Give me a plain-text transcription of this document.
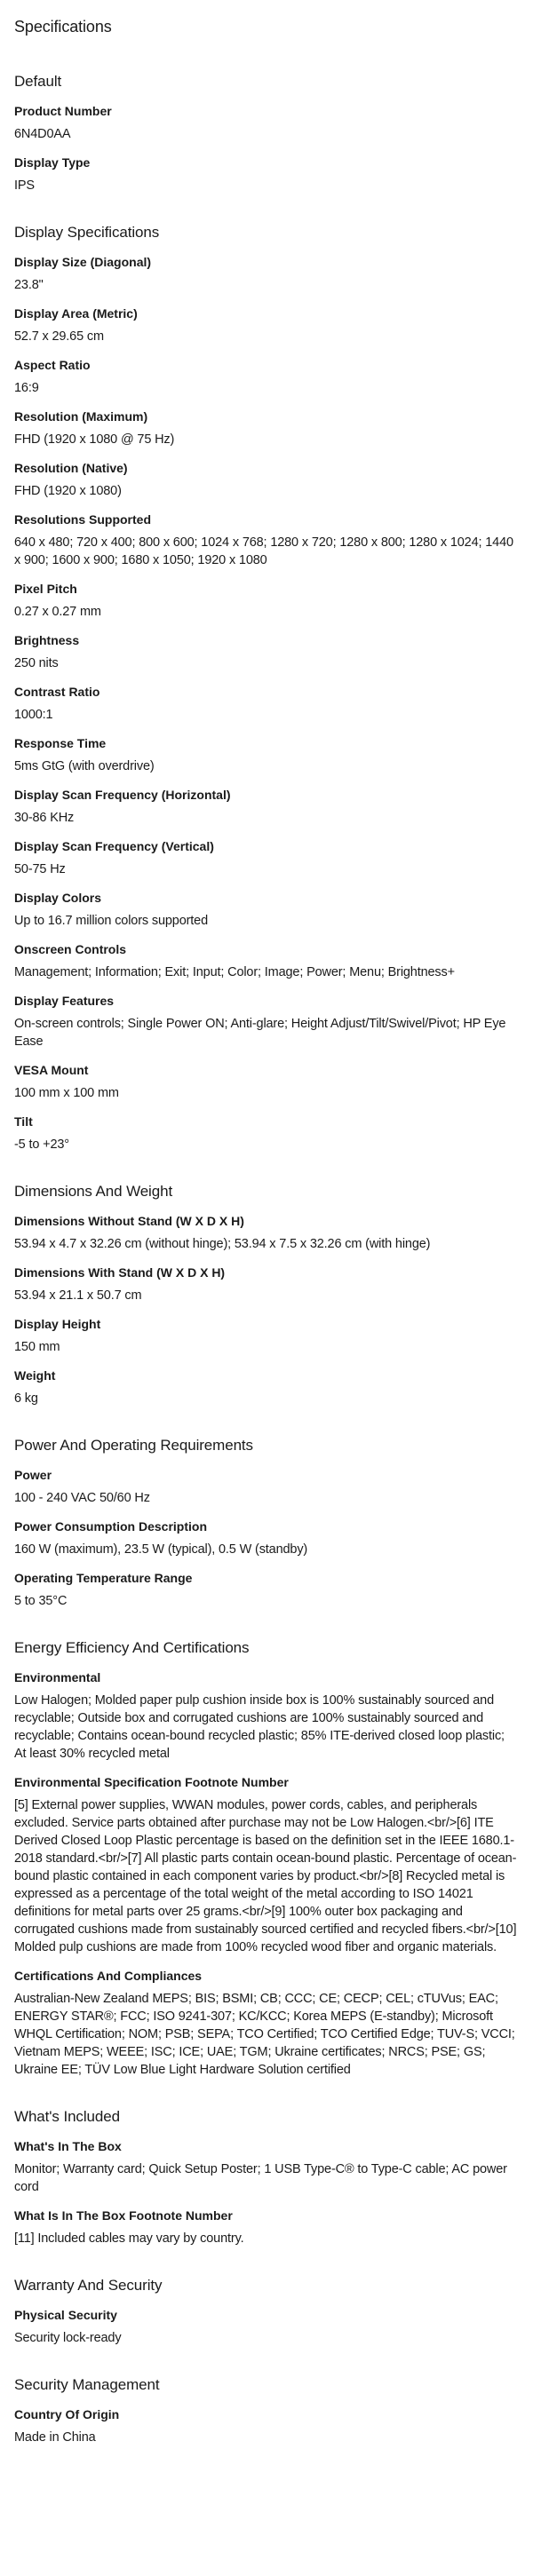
Specifications
Default
Product Number
6N4D0AA
Display Type
IPS
Display Specifications
Display Size (Diagonal)
23.8"
Display Area (Metric)
52.7 x 29.65 cm
Aspect Ratio
16:9
Resolution (Maximum)
FHD (1920 x 1080 @ 75 Hz)
Resolution (Native)
FHD (1920 x 1080)
Resolutions Supported
640 x 480; 720 x 400; 800 x 600; 1024 x 768; 1280 x 720; 1280 x 800; 1280 x 1024; 1440 x 900; 1600 x 900; 1680 x 1050; 1920 x 1080
Pixel Pitch
0.27 x 0.27 mm
Brightness
250 nits
Contrast Ratio
1000:1
Response Time
5ms GtG (with overdrive)
Display Scan Frequency (Horizontal)
30-86 KHz
Display Scan Frequency (Vertical)
50-75 Hz
Display Colors
Up to 16.7 million colors supported
Onscreen Controls
Management; Information; Exit; Input; Color; Image; Power; Menu; Brightness+
Display Features
On-screen controls; Single Power ON; Anti-glare; Height Adjust/Tilt/Swivel/Pivot; HP Eye Ease
VESA Mount
100 mm x 100 mm
Tilt
-5 to +23°
Dimensions And Weight
Dimensions Without Stand (W X D X H)
53.94 x 4.7 x 32.26 cm (without hinge); 53.94 x 7.5 x 32.26 cm (with hinge)
Dimensions With Stand (W X D X H)
53.94 x 21.1 x 50.7 cm
Display Height
150 mm
Weight
6 kg
Power And Operating Requirements
Power
100 - 240 VAC 50/60 Hz
Power Consumption Description
160 W (maximum), 23.5 W (typical), 0.5 W (standby)
Operating Temperature Range
5 to 35°C
Energy Efficiency And Certifications
Environmental
Low Halogen; Molded paper pulp cushion inside box is 100% sustainably sourced and recyclable; Outside box and corrugated cushions are 100% sustainably sourced and recyclable; Contains ocean-bound recycled plastic; 85% ITE-derived closed loop plastic; At least 30% recycled metal
Environmental Specification Footnote Number
[5] External power supplies, WWAN modules, power cords, cables, and peripherals excluded. Service parts obtained after purchase may not be Low Halogen.<br/>[6] ITE Derived Closed Loop Plastic percentage is based on the definition set in the IEEE 1680.1-2018 standard.<br/>[7] All plastic parts contain ocean-bound plastic. Percentage of ocean-bound plastic contained in each component varies by product.<br/>[8] Recycled metal is expressed as a percentage of the total weight of the metal according to ISO 14021 definitions for metal parts over 25 grams.<br/>[9] 100% outer box packaging and corrugated cushions made from sustainably sourced certified and recycled fibers.<br/>[10] Molded pulp cushions are made from 100% recycled wood fiber and organic materials.
Certifications And Compliances
Australian-New Zealand MEPS; BIS; BSMI; CB; CCC; CE; CECP; CEL; cTUVus; EAC; ENERGY STAR®; FCC; ISO 9241-307; KC/KCC; Korea MEPS (E-standby); Microsoft WHQL Certification; NOM; PSB; SEPA; TCO Certified; TCO Certified Edge; TUV-S; VCCI; Vietnam MEPS; WEEE; ISC; ICE; UAE; TGM; Ukraine certificates; NRCS; PSE; GS; Ukraine EE; TÜV Low Blue Light Hardware Solution certified
What's Included
What's In The Box
Monitor; Warranty card; Quick Setup Poster; 1 USB Type-C® to Type-C cable; AC power cord
What Is In The Box Footnote Number
[11] Included cables may vary by country.
Warranty And Security
Physical Security
Security lock-ready
Security Management
Country Of Origin
Made in China
